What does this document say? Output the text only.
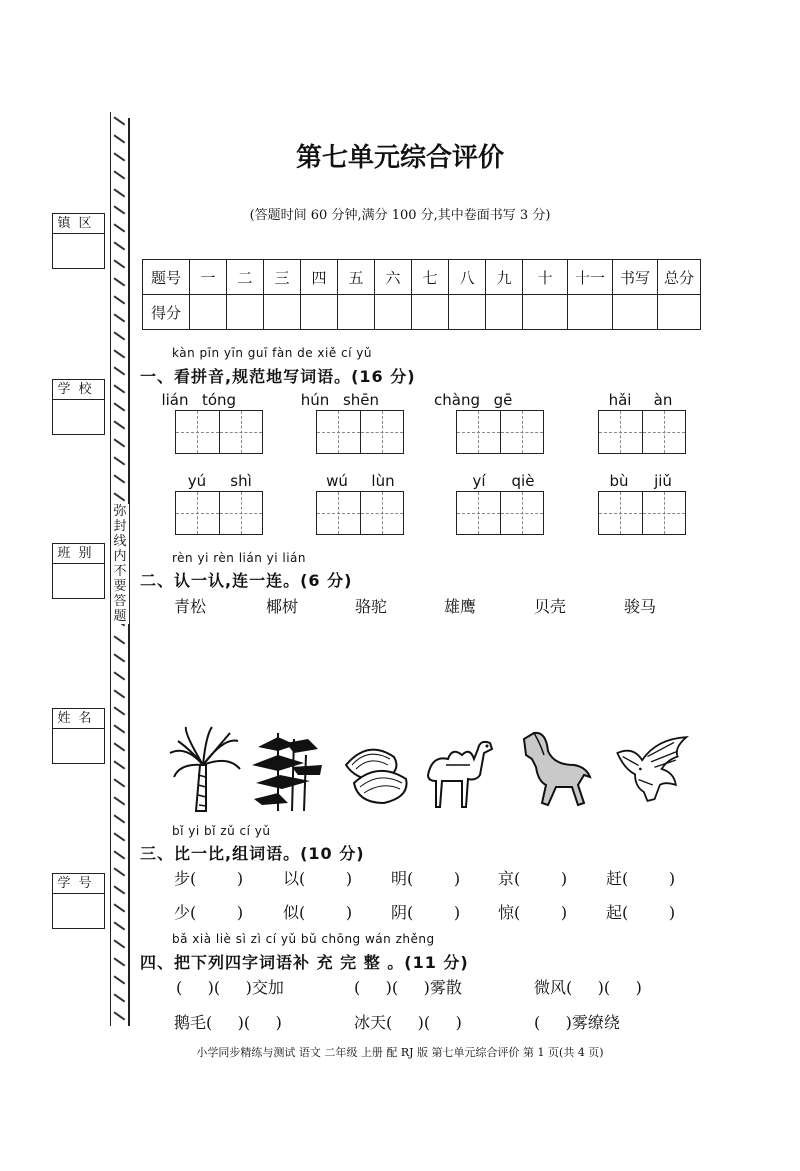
弥封线内不要答题
镇区
学校
班别
姓名
学号
第七单元综合评价
(答题时间 60 分钟,满分 100 分,其中卷面书写 3 分)
题号	一	二	三	四	五	六	七	八	九	十	十一	书写	总分
得分													
kàn pīn yīn guī fàn de xiě cí yǔ
一、看拼音,规范地写词语。(16 分)
lián tóng	hún shēn	chàng gē	hǎi	àn
yú	shì	wú	lùn	yí	qiè	bù	jiǔ
rèn yi rèn lián yi lián
二、认一认,连一连。(6 分)
青松	椰树	骆驼	雄鹰	贝壳	骏马
bǐ yi bǐ zǔ cí yǔ
三、比一比,组词语。(10 分)
步(        ) 以(        ) 明(        ) 京(        ) 赶(        )
少(        ) 似(        ) 阴(        ) 惊(        ) 起(        )
bǎ xià liè sì zì cí yǔ bǔ chōng wán zhěng
四、把下列四字词语补 充 完 整 。(11 分)
(     )(     )交加	(     )(     )雾散	微风(     )(     )
鹅毛(     )(     )	冰天(     )(     )	(     )雾缭绕
小学同步精练与测试 语文 二年级 上册 配 RJ 版 第七单元综合评价 第 1 页(共 4 页)
